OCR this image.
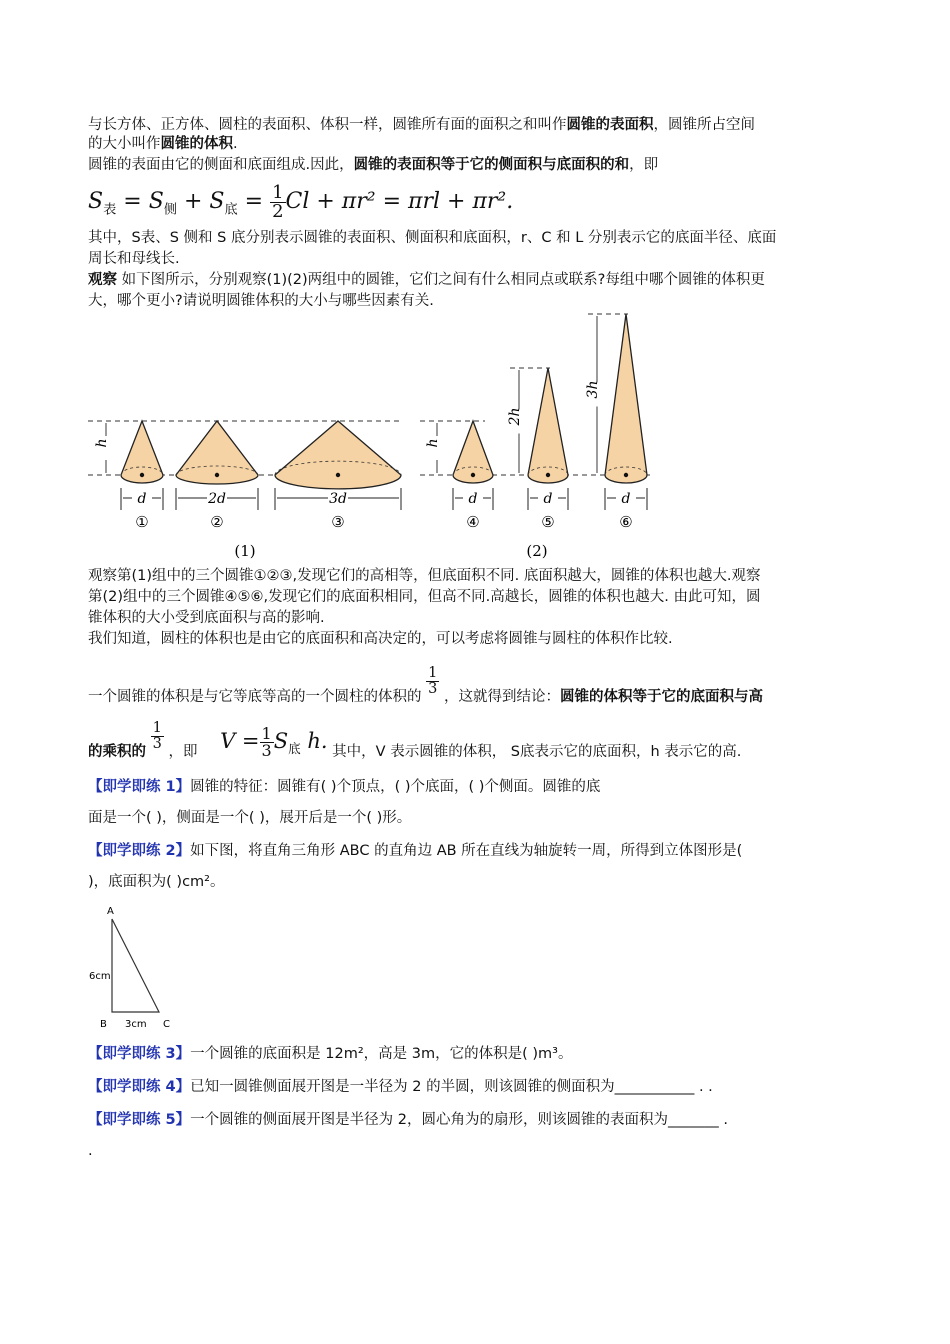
与长方体、正方体、圆柱的表面积、体积一样，圆锥所有面的面积之和叫作圆锥的表面积，圆锥所占空间
的大小叫作圆锥的体积.
圆锥的表面由它的侧面和底面组成.因此，圆锥的表面积等于它的侧面积与底面积的和，即
其中，S表、S 侧和 S 底分别表示圆锥的表面积、侧面积和底面积，r、C 和 L 分别表示它的底面半径、底面
周长和母线长.
观察 如下图所示，分别观察(1)(2)两组中的圆锥，它们之间有什么相同点或联系?每组中哪个圆锥的体积更
大，哪个更小?请说明圆锥体积的大小与哪些因素有关.
观察第(1)组中的三个圆锥①②③,发现它们的高相等，但底面积不同. 底面积越大，圆锥的体积也越大.观察
第(2)组中的三个圆锥④⑤⑥,发现它们的底面积相同，但高不同.高越长，圆锥的体积也越大. 由此可知，圆
锥体积的大小受到底面积与高的影响.
我们知道，圆柱的体积也是由它的底面积和高决定的，可以考虑将圆锥与圆柱的体积作比较.
【即学即练 3】一个圆锥的底面积是 12m²，高是 3m，它的体积是( )m³。
【即学即练 4】已知一圆锥侧面展开图是一半径为 2 的半圆，则该圆锥的侧面积为___________ . .
【即学即练 5】一个圆锥的侧面展开图是半径为 2，圆心角为的扇形，则该圆锥的表面积为_______ .
.
【即学即练 1】圆锥的特征：圆锥有( )个顶点，( )个底面，( )个侧面。圆锥的底
面是一个( )，侧面是一个( )，展开后是一个( )形。
【即学即练 2】如下图，将直角三角形 ABC 的直角边 AB 所在直线为轴旋转一周，所得到立体图形是(
)，底面积为( )cm²。
$S_表 = S_侧 + S_底 = \frac{1}{2}$ Cl + πr² = πrl + πr².
d
①
2d
②
3d
③
d
④
d
⑤
d
⑥
h	h
2h
3h
(1)	(2)
一个圆锥的体积是与它等底等高的一个圆柱的体积的
$\frac{1}{3}$
，这就得到结论：圆锥的体积等于它的底面积与高
的乘积的
$\frac{1}{3}$
，即 $V = \frac{1}{3} S_底$ h. 其中，V 表示圆锥的体积， S底表示它的底面积，h 表示它的高.
A
B	C
6cm
3cm
